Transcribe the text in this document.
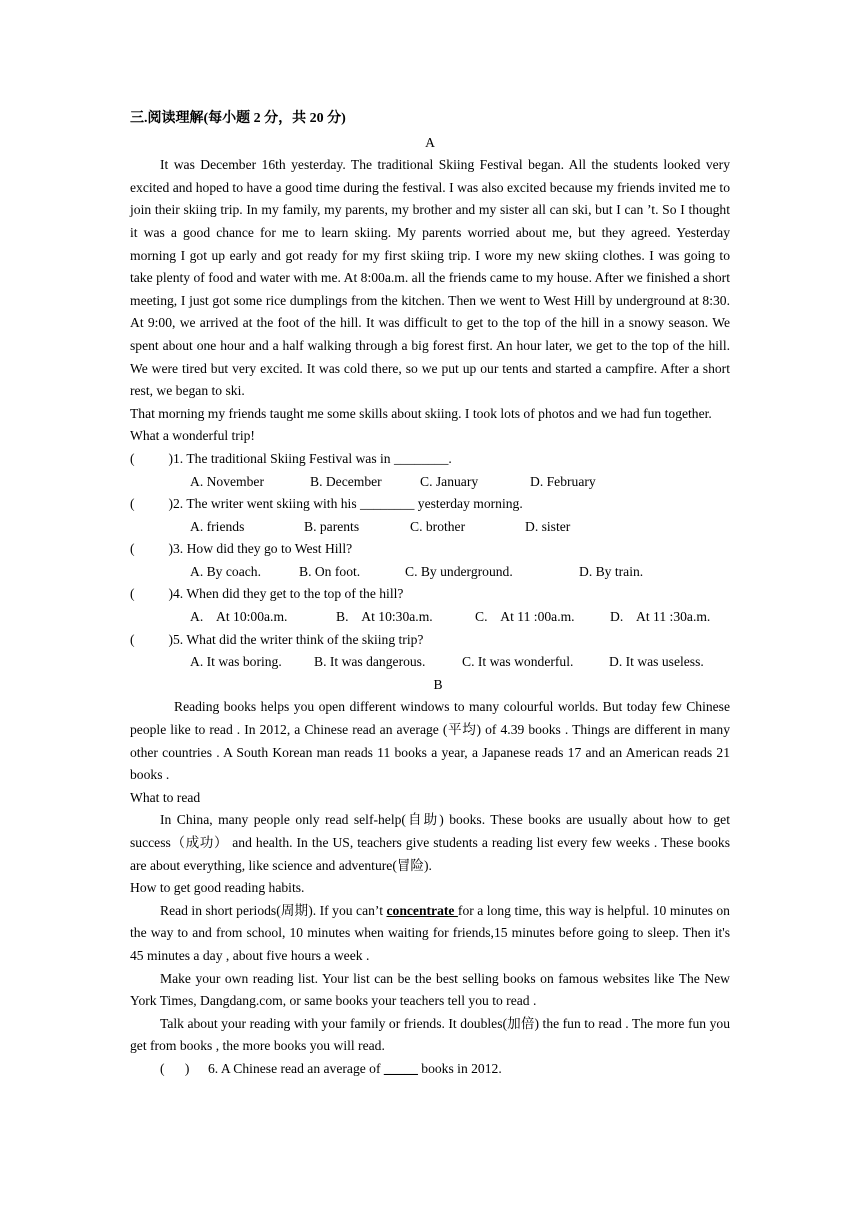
三.阅读理解(每小题 2 分，共 20 分)

A

It was December 16th yesterday. The traditional Skiing Festival began. All the students looked very excited and hoped to have a good time during the festival. I was also excited because my friends invited me to join their skiing trip. In my family, my parents, my brother and my sister all can ski, but I can ’t. So I thought it was a good chance for me to learn skiing. My parents worried about me, but they agreed. Yesterday morning I got up early and got ready for my first skiing trip. I wore my new skiing clothes. I was going to take plenty of food and water with me. At 8:00a.m. all the friends came to my house. After we finished a short meeting, I just got some rice dumplings from the kitchen. Then we went to West Hill by underground at 8:30. At 9:00, we arrived at the foot of the hill. It was difficult to get to the top of the hill in a snowy season. We spent about one hour and a half walking through a big forest first. An hour later, we get to the top of the hill. We were tired but very excited. It was cold there, so we put up our tents and started a campfire. After a short rest, we began to ski.

That morning my friends taught me some skills about skiing. I took lots of photos and we had fun together. What a wonderful trip!

(          ) 1. The traditional Skiing Festival was in ________.
A. November	B. December	C. January	D. February
(          ) 2. The writer went skiing with his ________ yesterday morning.
A. friends	B. parents	C. brother	D. sister
(          ) 3. How did they go to West Hill?
A. By coach.	B. On foot.	C. By underground.	D. By train.
(          ) 4. When did they get to the top of the hill?
A.    At 10:00a.m.	B.    At 10:30a.m.	C.    At 11 :00a.m.	D.    At 11 :30a.m.
(          ) 5. What did the writer think of the skiing trip?
A. It was boring.	B. It was dangerous.	C. It was wonderful.	D. It was useless.

B

Reading books helps you open different windows to many colourful worlds. But today few Chinese people like to read . In 2012, a Chinese read an average (平均) of 4.39 books . Things are different in many other countries . A South Korean man reads 11 books a year, a Japanese reads 17 and an American reads 21 books .

What to read

In China, many people only read self-help(自助) books. These books are usually about how to get success（成功） and health. In the US, teachers give students a reading list every few weeks . These books are about everything, like science and adventure(冒险).

How to get good reading habits.

Read in short periods(周期). If you can’t concentrate for a long time, this way is helpful. 10 minutes on the way to and from school, 10 minutes when waiting for friends,15 minutes before going to sleep. Then it's 45 minutes a day , about five hours a week .

Make your own reading list. Your list can be the best selling books on famous websites like The New York Times, Dangdang.com, or same books your teachers tell you to read .

Talk about your reading with your family or friends. It doubles(加倍) the fun to read . The more fun you get from books , the more books you will read.

(      )	6. A Chinese read an average of _____ books in 2012.
